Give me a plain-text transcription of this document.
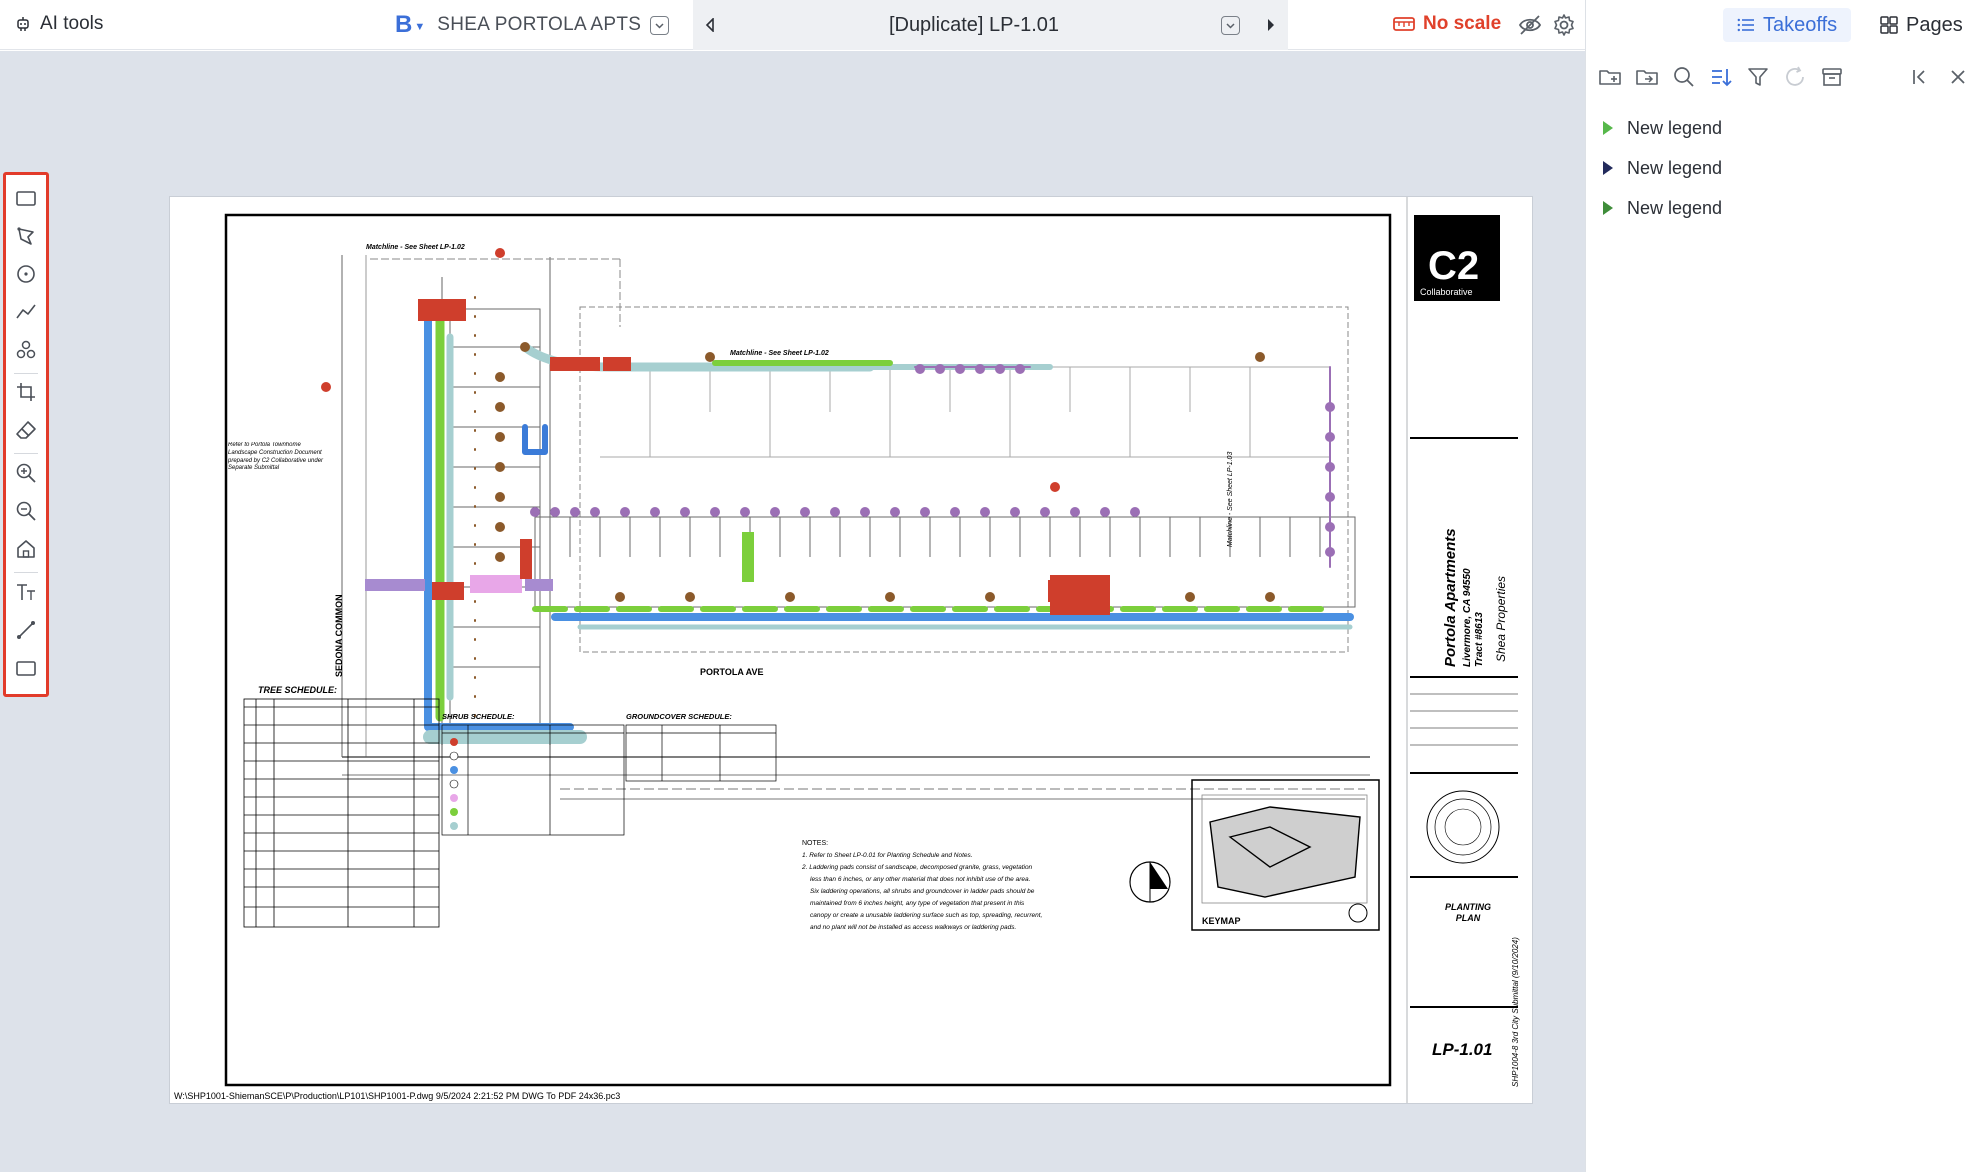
AI tools	B ▼ SHEA PORTOLA APTS	[Duplicate] LP-1.01	No scale
Matchline - See Sheet LP-1.02
Matchline - See Sheet LP-1.02
Matchline - See Sheet LP-1.03
SEDONA COMMON	PORTOLA AVE
Refer to Portola Townhome Landscape Construction Document prepared by C2 Collaborative under Separate Submittal
TREE SCHEDULE:
SHRUB SCHEDULE:	GROUNDCOVER SCHEDULE:
NOTES:
1. Refer to Sheet LP-0.01 for Planting Schedule and Notes.
2. Laddering pads consist of sandscape, decomposed granite, grass, vegetation
less than 6 inches, or any other material that does not inhibit use of the area.
Six laddering operations, all shrubs and groundcover in ladder pads should be
maintained from 6 inches height, any type of vegetation that present in this
canopy or create a unusable laddering surface such as top, spreading, recurrent,
and no plant will not be installed as access walkways or laddering pads.
KEYMAP
C2
Collaborative
Portola Apartments Livermore, CA 94550 Tract #8613 Shea Properties
PLANTING PLAN
LP-1.01 SHP1004-8 3rd City Submittal (9/10/2024)
W:\SHP1001-ShiemanSCE\P\Production\LP101\SHP1001-P.dwg 9/5/2024 2:21:52 PM DWG To PDF 24x36.pc3
Takeoffs	Pages
New legend
New legend
New legend
